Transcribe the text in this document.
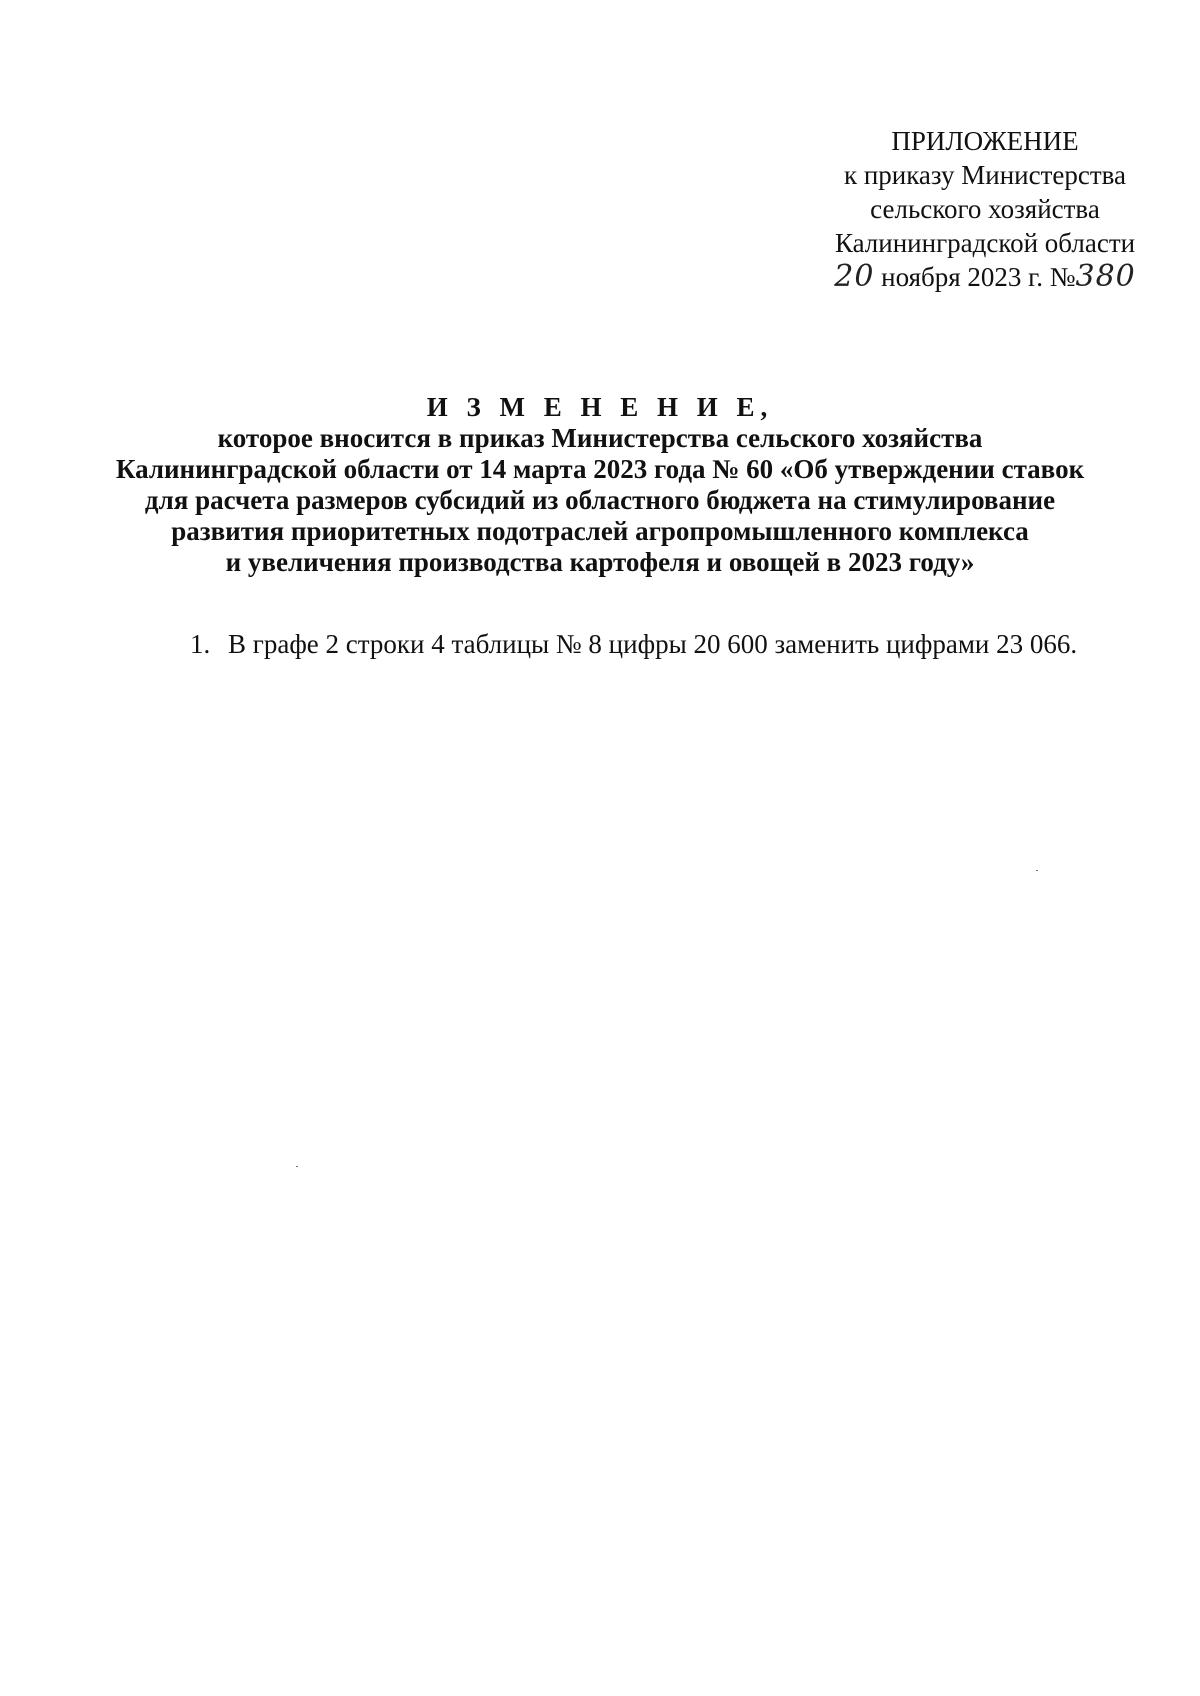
ПРИЛОЖЕНИЕ
к приказу Министерства
сельского хозяйства
Калининградской области
20 ноября 2023 г. №380
И З М Е Н Е Н И Е,
которое вносится в приказ Министерства сельского хозяйства
Калининградской области от 14 марта 2023 года № 60 «Об утверждении ставок
для расчета размеров субсидий из областного бюджета на стимулирование
развития приоритетных подотраслей агропромышленного комплекса
и увеличения производства картофеля и овощей в 2023 году»
1. В графе 2 строки 4 таблицы № 8 цифры 20 600 заменить цифрами 23 066.
